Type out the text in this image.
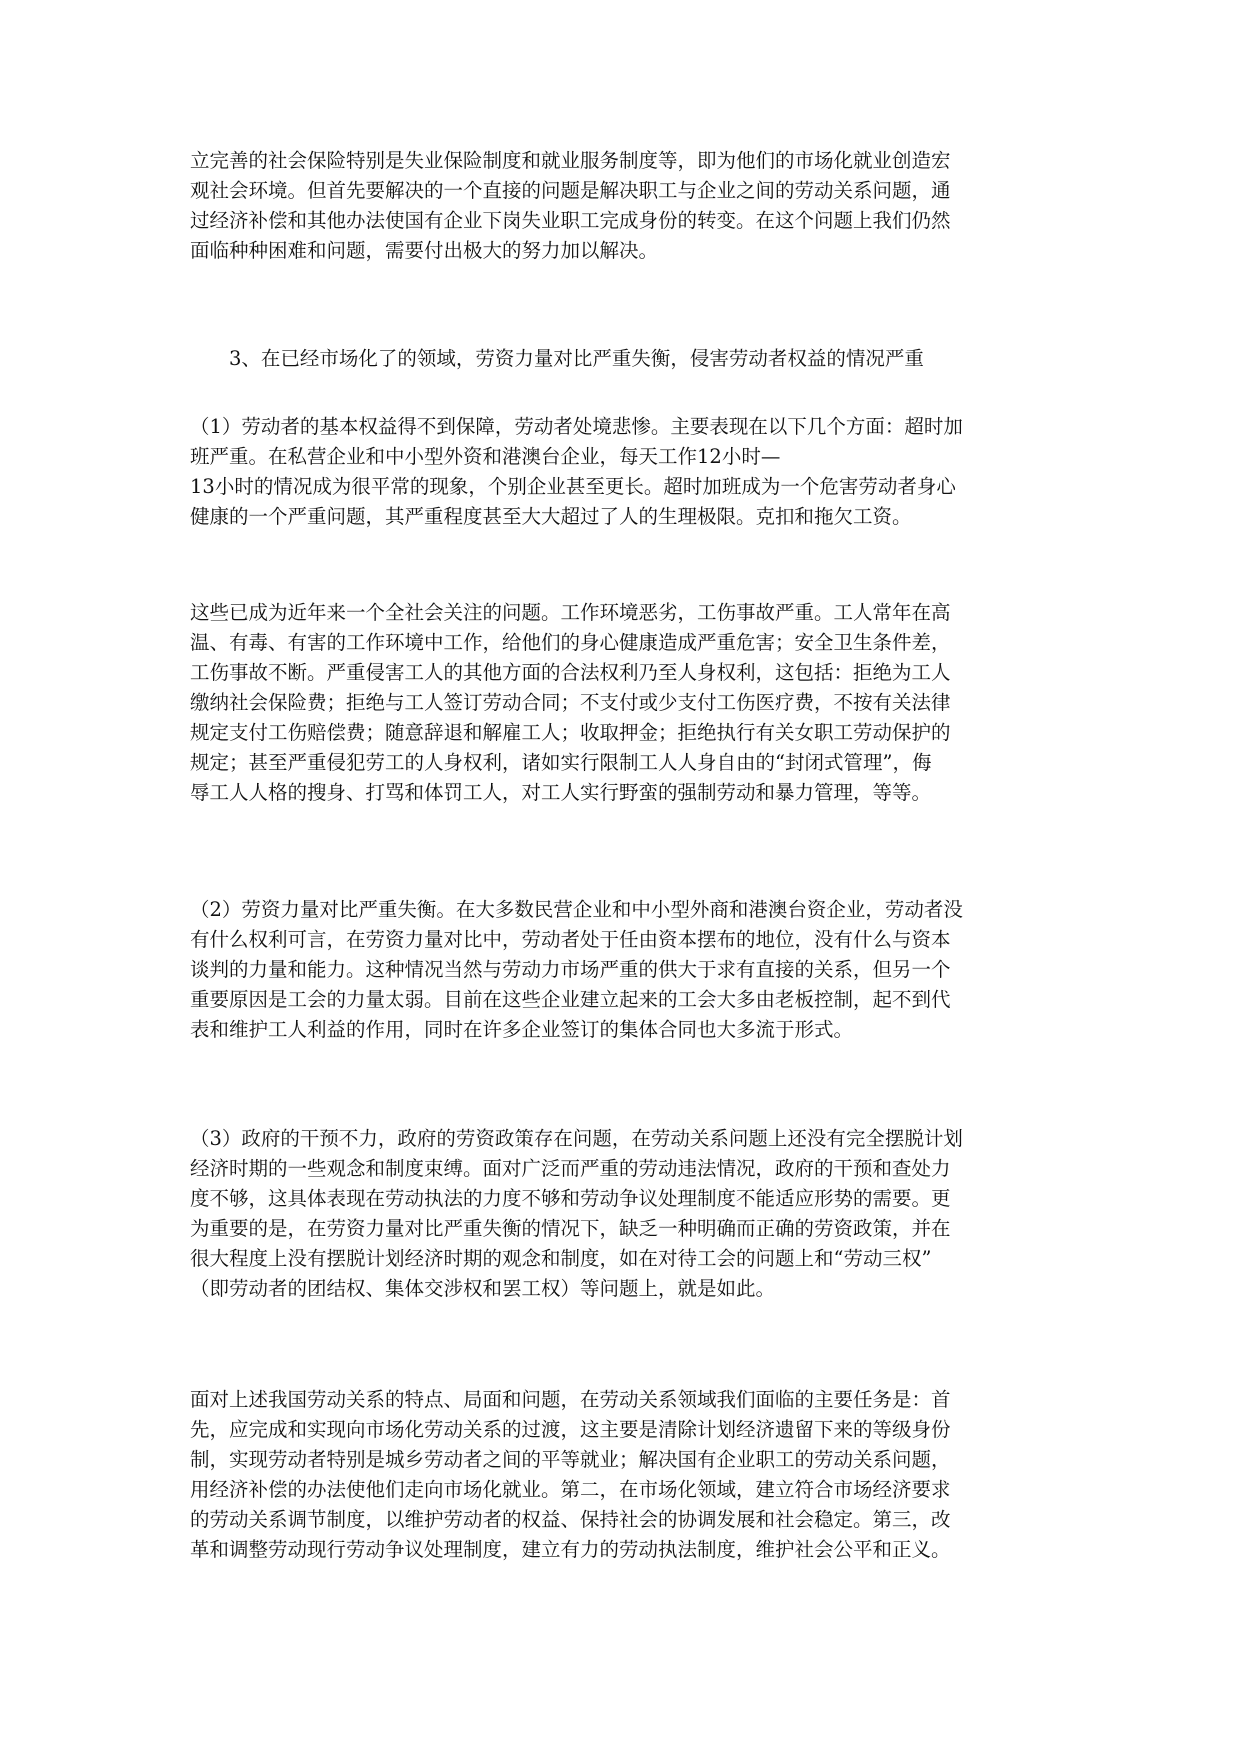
立完善的社会保险特别是失业保险制度和就业服务制度等，即为他们的市场化就业创造宏
观社会环境。但首先要解决的一个直接的问题是解决职工与企业之间的劳动关系问题，通
过经济补偿和其他办法使国有企业下岗失业职工完成身份的转变。在这个问题上我们仍然
面临种种困难和问题，需要付出极大的努力加以解决。

3、在已经市场化了的领域，劳资力量对比严重失衡，侵害劳动者权益的情况严重

（1）劳动者的基本权益得不到保障，劳动者处境悲惨。主要表现在以下几个方面：超时加
班严重。在私营企业和中小型外资和港澳台企业，每天工作12小时—
13小时的情况成为很平常的现象，个别企业甚至更长。超时加班成为一个危害劳动者身心
健康的一个严重问题，其严重程度甚至大大超过了人的生理极限。克扣和拖欠工资。

这些已成为近年来一个全社会关注的问题。工作环境恶劣，工伤事故严重。工人常年在高
温、有毒、有害的工作环境中工作，给他们的身心健康造成严重危害；安全卫生条件差，
工伤事故不断。严重侵害工人的其他方面的合法权利乃至人身权利，这包括：拒绝为工人
缴纳社会保险费；拒绝与工人签订劳动合同；不支付或少支付工伤医疗费，不按有关法律
规定支付工伤赔偿费；随意辞退和解雇工人；收取押金；拒绝执行有关女职工劳动保护的
规定；甚至严重侵犯劳工的人身权利，诸如实行限制工人人身自由的“封闭式管理”，侮
辱工人人格的搜身、打骂和体罚工人，对工人实行野蛮的强制劳动和暴力管理，等等。

（2）劳资力量对比严重失衡。在大多数民营企业和中小型外商和港澳台资企业，劳动者没
有什么权利可言，在劳资力量对比中，劳动者处于任由资本摆布的地位，没有什么与资本
谈判的力量和能力。这种情况当然与劳动力市场严重的供大于求有直接的关系，但另一个
重要原因是工会的力量太弱。目前在这些企业建立起来的工会大多由老板控制，起不到代
表和维护工人利益的作用，同时在许多企业签订的集体合同也大多流于形式。

（3）政府的干预不力，政府的劳资政策存在问题，在劳动关系问题上还没有完全摆脱计划
经济时期的一些观念和制度束缚。面对广泛而严重的劳动违法情况，政府的干预和查处力
度不够，这具体表现在劳动执法的力度不够和劳动争议处理制度不能适应形势的需要。更
为重要的是，在劳资力量对比严重失衡的情况下，缺乏一种明确而正确的劳资政策，并在
很大程度上没有摆脱计划经济时期的观念和制度，如在对待工会的问题上和“劳动三权”
（即劳动者的团结权、集体交涉权和罢工权）等问题上，就是如此。

面对上述我国劳动关系的特点、局面和问题，在劳动关系领域我们面临的主要任务是：首
先，应完成和实现向市场化劳动关系的过渡，这主要是清除计划经济遗留下来的等级身份
制，实现劳动者特别是城乡劳动者之间的平等就业；解决国有企业职工的劳动关系问题，
用经济补偿的办法使他们走向市场化就业。第二，在市场化领域，建立符合市场经济要求
的劳动关系调节制度，以维护劳动者的权益、保持社会的协调发展和社会稳定。第三，改
革和调整劳动现行劳动争议处理制度，建立有力的劳动执法制度，维护社会公平和正义。
